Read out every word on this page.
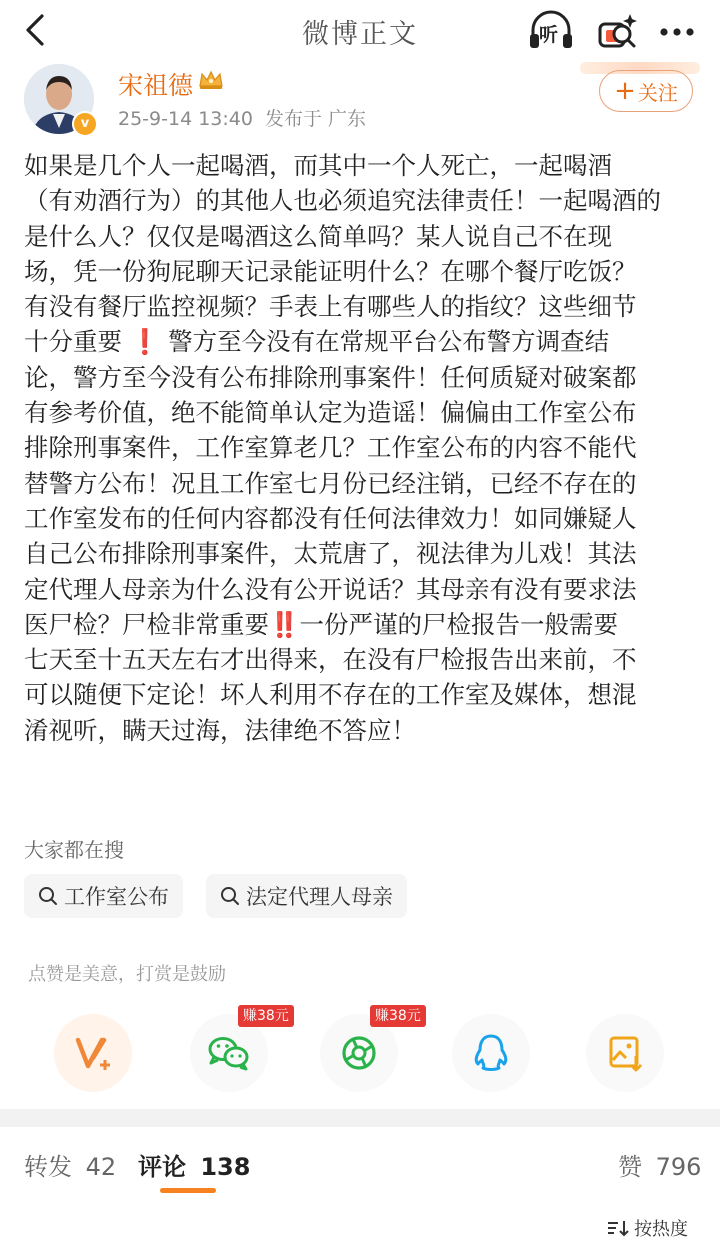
微博正文	听
v
宋祖德
25-9-14 13:40 发布于 广东
+ 关注
如果是几个人一起喝酒，而其中一个人死亡，一起喝酒
（有劝酒行为）的其他人也必须追究法律责任！一起喝酒的
是什么人？仅仅是喝酒这么简单吗？某人说自己不在现
场，凭一份狗屁聊天记录能证明什么？在哪个餐厅吃饭？
有没有餐厅监控视频？手表上有哪些人的指纹？这些细节
十分重要 ❗ 警方至今没有在常规平台公布警方调查结
论，警方至今没有公布排除刑事案件！任何质疑对破案都
有参考价值，绝不能简单认定为造谣！偏偏由工作室公布
排除刑事案件，工作室算老几？工作室公布的内容不能代
替警方公布！况且工作室七月份已经注销，已经不存在的
工作室发布的任何内容都没有任何法律效力！如同嫌疑人
自己公布排除刑事案件，太荒唐了，视法律为儿戏！其法
定代理人母亲为什么没有公开说话？其母亲有没有要求法
医尸检？尸检非常重要‼️一份严谨的尸检报告一般需要
七天至十五天左右才出得来，在没有尸检报告出来前，不
可以随便下定论！坏人利用不存在的工作室及媒体，想混
淆视听，瞒天过海，法律绝不答应！
大家都在搜
工作室公布	法定代理人母亲
点赞是美意，打赏是鼓励
赚38元	赚38元
转发 42 评论 138	赞 796
按热度
